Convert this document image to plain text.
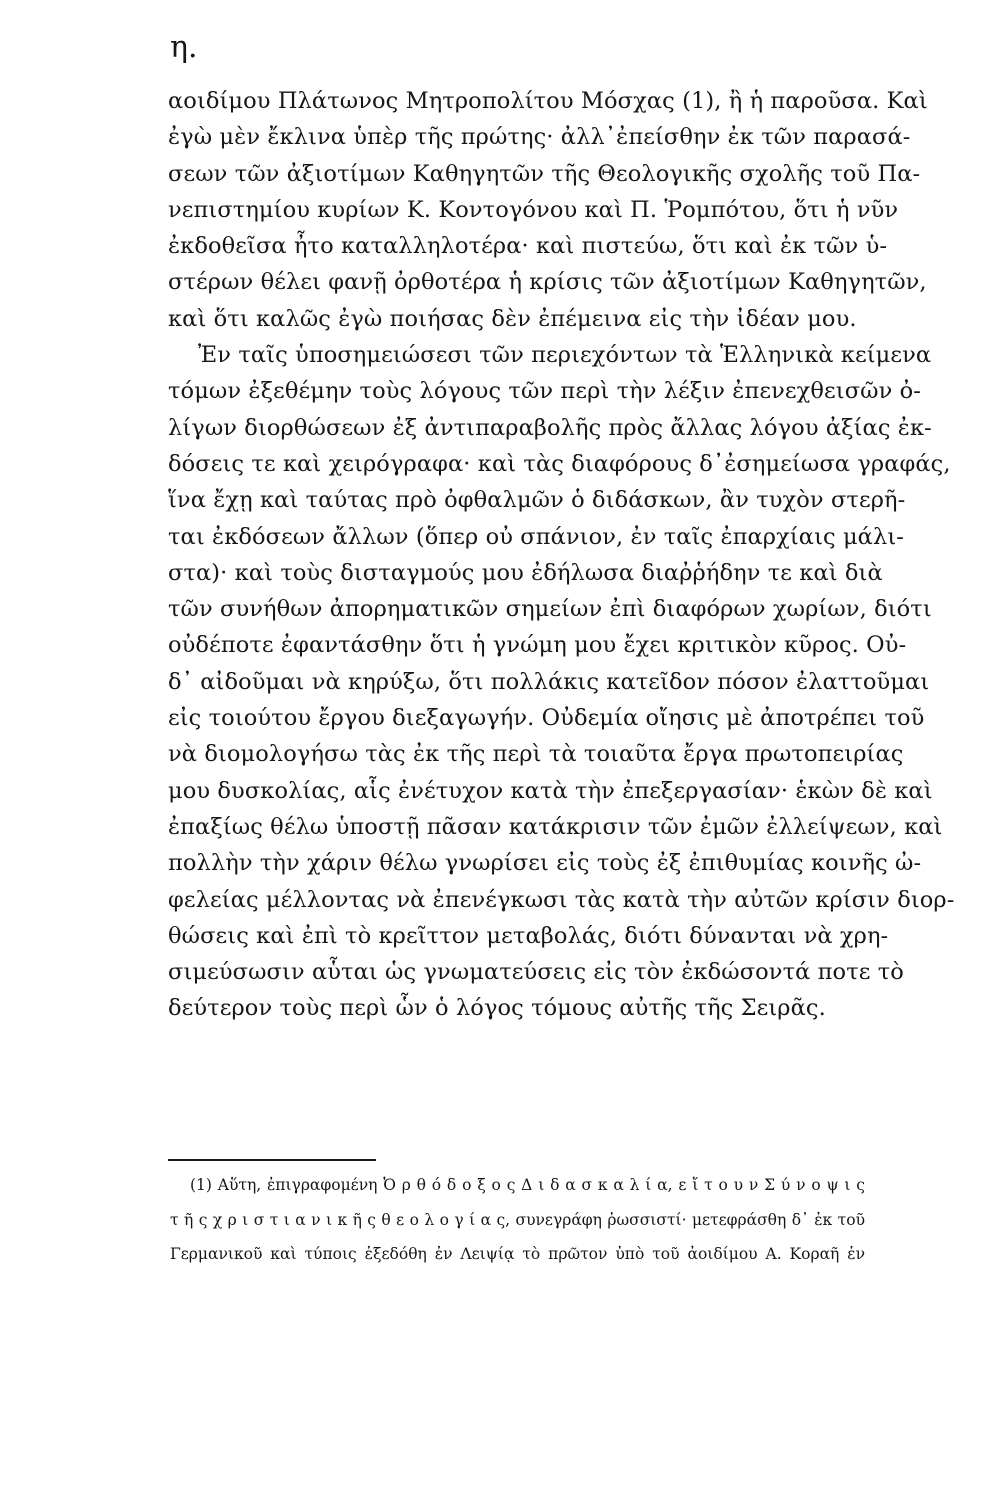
η.
αοιδίμου Πλάτωνος Μητροπολίτου Μόσχας (1), ἢ ἡ παροῦσα. Καὶ
ἐγὼ μὲν ἔκλινα ὑπὲρ τῆς πρώτης· ἀλλ᾽ἐπείσθην ἐκ τῶν παρασά-
σεων τῶν ἀξιοτίμων Καθηγητῶν τῆς Θεολογικῆς σχολῆς τοῦ Πα-
νεπιστημίου κυρίων Κ. Κοντογόνου καὶ Π. Ῥομπότου, ὅτι ἡ νῦν
ἐκδοθεῖσα ἦτο καταλληλοτέρα· καὶ πιστεύω, ὅτι καὶ ἐκ τῶν ὑ-
στέρων θέλει φανῇ ὀρθοτέρα ἡ κρίσις τῶν ἀξιοτίμων Καθηγητῶν,
καὶ ὅτι καλῶς ἐγὼ ποιήσας δὲν ἐπέμεινα εἰς τὴν ἰδέαν μου.
Ἐν ταῖς ὑποσημειώσεσι τῶν περιεχόντων τὰ Ἑλληνικὰ κείμενα
τόμων ἐξεθέμην τοὺς λόγους τῶν περὶ τὴν λέξιν ἐπενεχθεισῶν ὀ-
λίγων διορθώσεων ἐξ ἀντιπαραβολῆς πρὸς ἄλλας λόγου ἀξίας ἐκ-
δόσεις τε καὶ χειρόγραφα· καὶ τὰς διαφόρους δ᾽ἐσημείωσα γραφάς,
ἵνα ἔχῃ καὶ ταύτας πρὸ ὀφθαλμῶν ὁ διδάσκων, ἂν τυχὸν στερῆ-
ται ἐκδόσεων ἄλλων (ὅπερ οὐ σπάνιον, ἐν ταῖς ἐπαρχίαις μάλι-
στα)· καὶ τοὺς δισταγμούς μου ἐδήλωσα διαῤῥήδην τε καὶ διὰ
τῶν συνήθων ἀπορηματικῶν σημείων ἐπὶ διαφόρων χωρίων, διότι
οὐδέποτε ἐφαντάσθην ὅτι ἡ γνώμη μου ἔχει κριτικὸν κῦρος. Οὐ-
δ᾽ αἰδοῦμαι νὰ κηρύξω, ὅτι πολλάκις κατεῖδον πόσον ἐλαττοῦμαι
εἰς τοιούτου ἔργου διεξαγωγήν. Οὐδεμία οἴησις μὲ ἀποτρέπει τοῦ
νὰ διομολογήσω τὰς ἐκ τῆς περὶ τὰ τοιαῦτα ἔργα πρωτοπειρίας
μου δυσκολίας, αἷς ἐνέτυχον κατὰ τὴν ἐπεξεργασίαν· ἑκὼν δὲ καὶ
ἐπαξίως θέλω ὑποστῇ πᾶσαν κατάκρισιν τῶν ἐμῶν ἐλλείψεων, καὶ
πολλὴν τὴν χάριν θέλω γνωρίσει εἰς τοὺς ἐξ ἐπιθυμίας κοινῆς ὠ-
φελείας μέλλοντας νὰ ἐπενέγκωσι τὰς κατὰ τὴν αὐτῶν κρίσιν διορ-
θώσεις καὶ ἐπὶ τὸ κρεῖττον μεταβολάς, διότι δύνανται νὰ χρη-
σιμεύσωσιν αὗται ὡς γνωματεύσεις εἰς τὸν ἐκδώσοντά ποτε τὸ
δεύτερον τοὺς περὶ ὧν ὁ λόγος τόμους αὐτῆς τῆς Σειρᾶς.
(1) Αὕτη, ἐπιγραφομένη Ὀ ρ θ ό δ ο ξ ο ς Δ ι δ α σ κ α λ ί α, ε ἴ τ ο υ ν Σ ύ ν ο ψ ι ς
τ ῆ ς χ ρ ι σ τ ι α ν ι κ ῆ ς θ ε ο λ ο γ ί α ς, συνεγράφη ῥωσσιστί· μετεφράσθη δ᾽ ἐκ τοῦ
Γερμανικοῦ καὶ τύποις ἐξεδόθη ἐν Λειψίᾳ τὸ πρῶτον ὑπὸ τοῦ ἀοιδίμου Α. Κοραῆ ἐν
